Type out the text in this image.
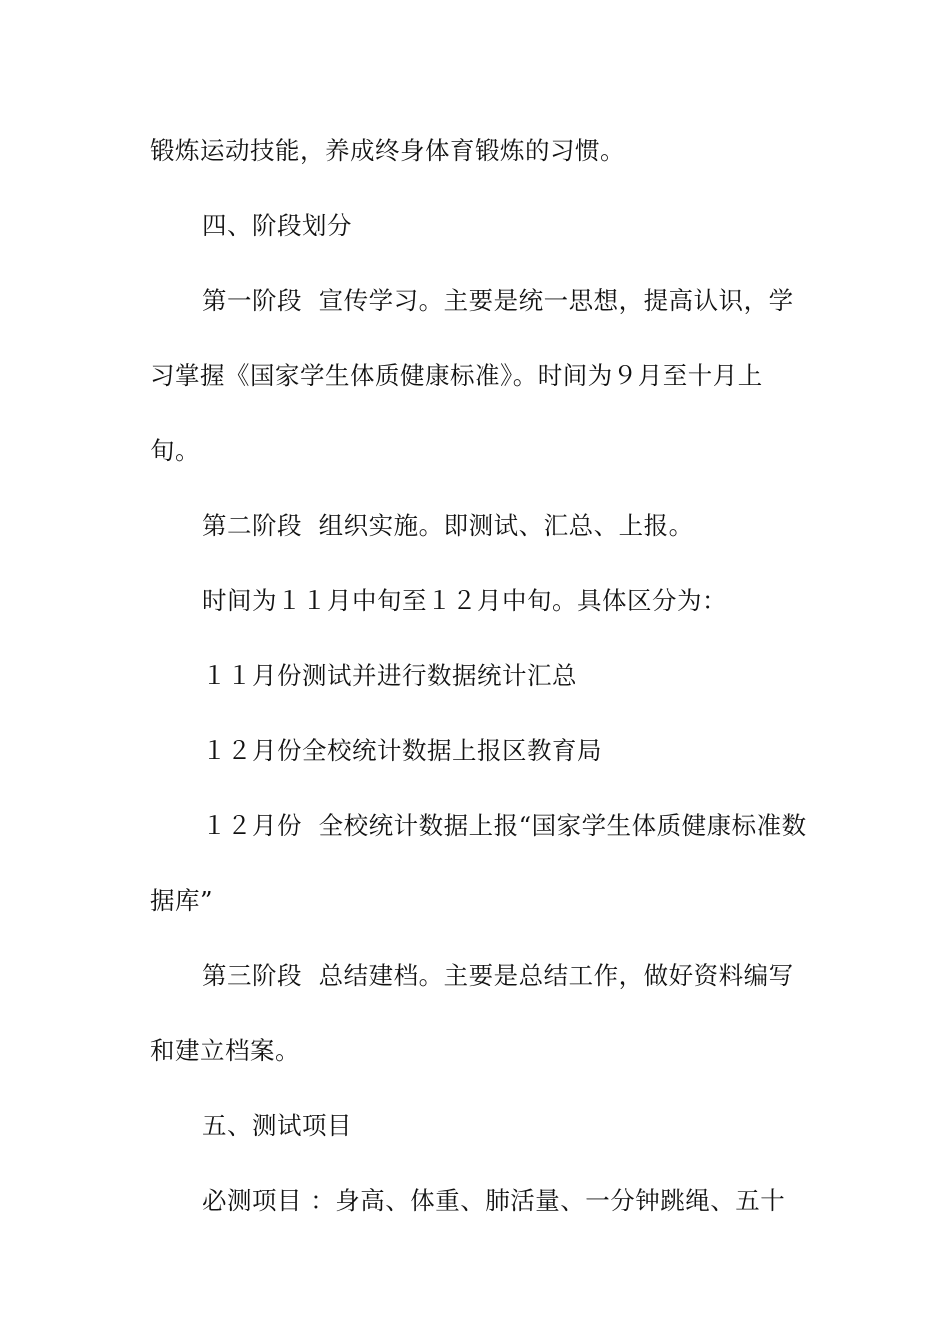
锻炼运动技能，养成终身体育锻炼的习惯。
四、阶段划分
第一阶段  宣传学习。主要是统一思想，提高认识，学
习掌握《国家学生体质健康标准》。时间为９月至十月上
旬。
第二阶段  组织实施。即测试、汇总、上报。
时间为１１月中旬至１２月中旬。具体区分为：
１１月份测试并进行数据统计汇总
１２月份全校统计数据上报区教育局
１２月份  全校统计数据上报“国家学生体质健康标准数
据库”
第三阶段  总结建档。主要是总结工作，做好资料编写
和建立档案。
五、测试项目
必测项目 ：身高、体重、肺活量、一分钟跳绳、五十
